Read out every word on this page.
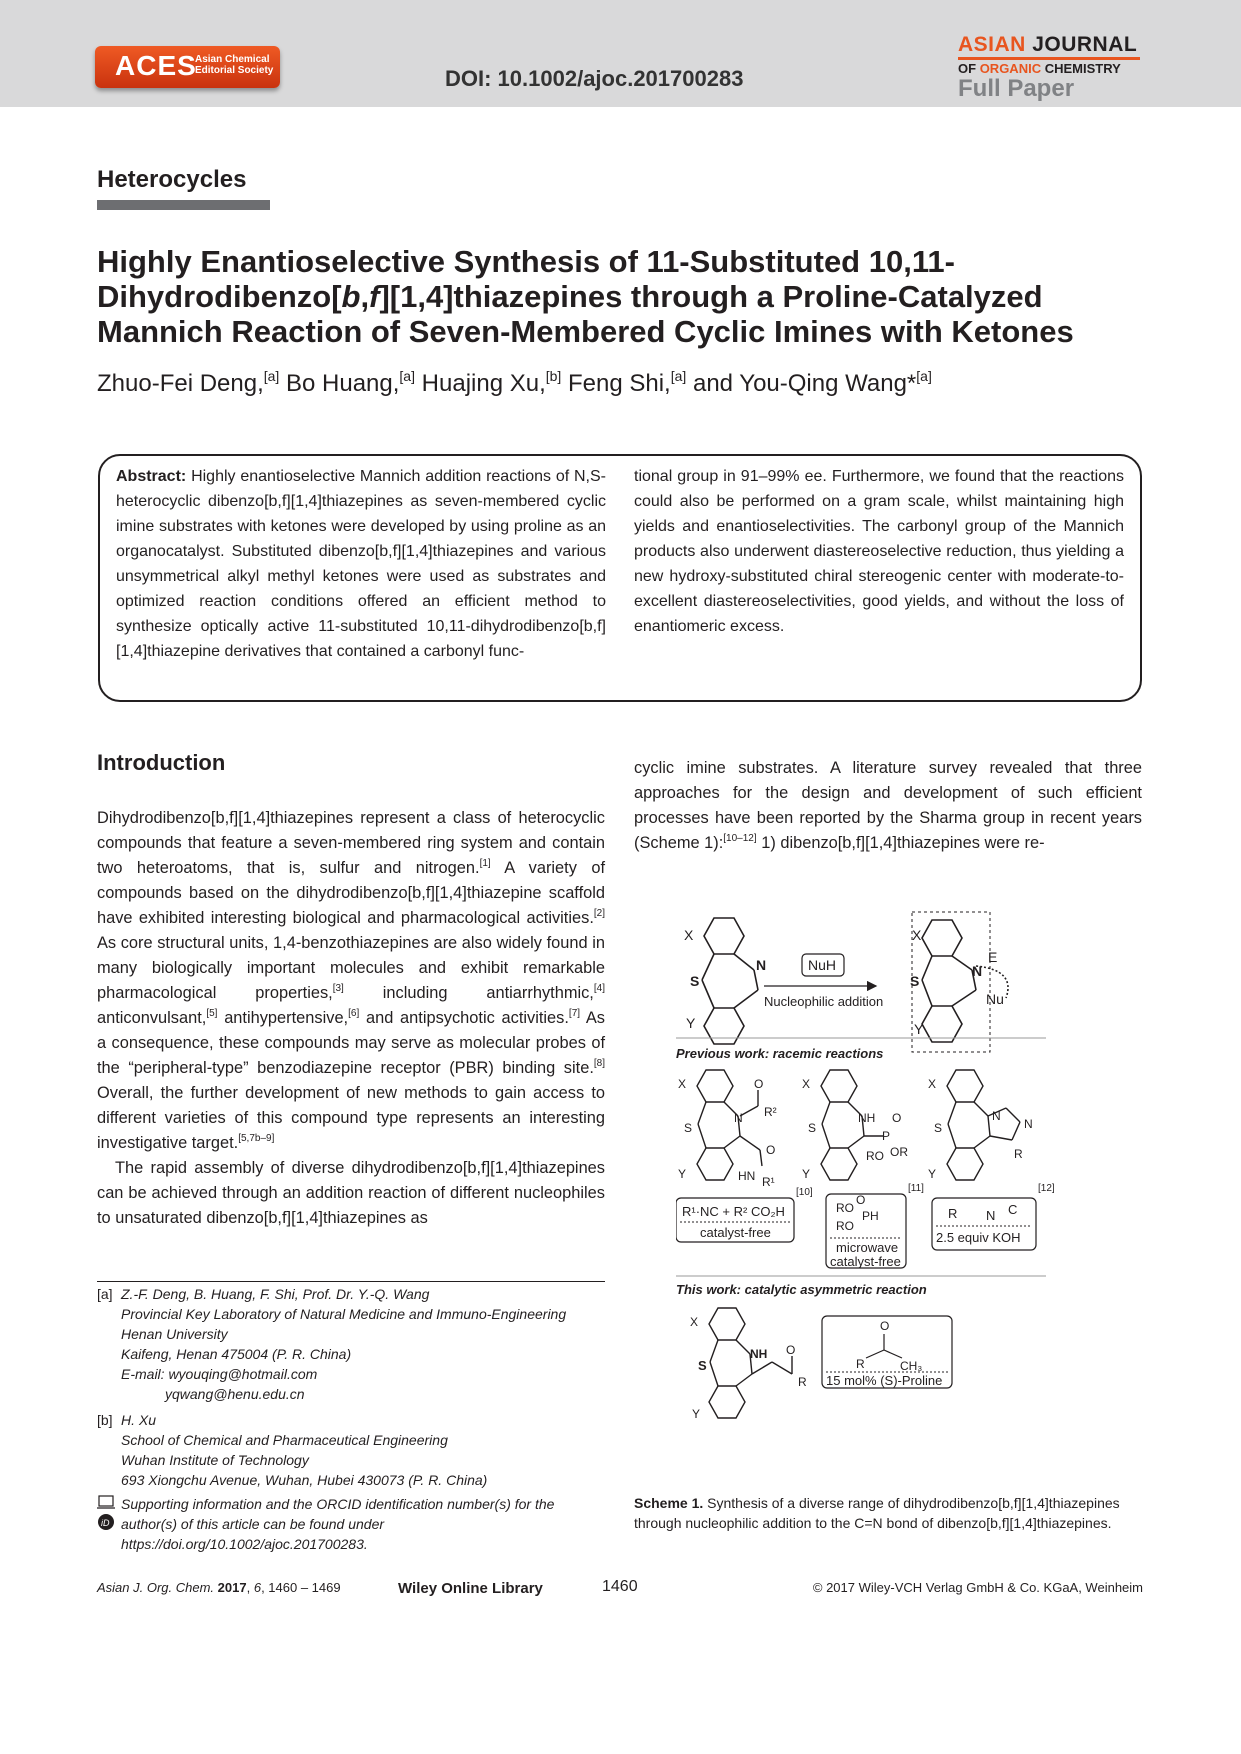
ACES
Asian Chemical
Editorial Society	DOI: 10.1002/ajoc.201700283
ASIAN JOURNAL
OF ORGANIC CHEMISTRY
Full Paper
Heterocycles
Highly Enantioselective Synthesis of 11-Substituted 10,11-
Dihydrodibenzo[b,f][1,4]thiazepines through a Proline-Catalyzed
Mannich Reaction of Seven-Membered Cyclic Imines with Ketones
Zhuo-Fei Deng,[a] Bo Huang,[a] Huajing Xu,[b] Feng Shi,[a] and You-Qing Wang*[a]
Abstract: Highly enantioselective Mannich addition reactions of N,S-heterocyclic dibenzo[b,f][1,4]thiazepines as seven-membered cyclic imine substrates with ketones were developed by using proline as an organocatalyst. Substituted dibenzo[b,f][1,4]thiazepines and various unsymmetrical alkyl methyl ketones were used as substrates and optimized reaction conditions offered an efficient method to synthesize optically active 11-substituted 10,11-dihydrodibenzo[b,f][1,4]thiazepine derivatives that contained a carbonyl func-
tional group in 91–99% ee. Furthermore, we found that the reactions could also be performed on a gram scale, whilst maintaining high yields and enantioselectivities. The carbonyl group of the Mannich products also underwent diastereoselective reduction, thus yielding a new hydroxy-substituted chiral stereogenic center with moderate-to-excellent diastereoselectivities, good yields, and without the loss of enantiomeric excess.
Introduction

Dihydrodibenzo[b,f][1,4]thiazepines represent a class of heterocyclic compounds that feature a seven-membered ring system and contain two heteroatoms, that is, sulfur and nitrogen.[1] A variety of compounds based on the dihydrodibenzo[b,f][1,4]thiazepine scaffold have exhibited interesting biological and pharmacological activities.[2] As core structural units, 1,4-benzothiazepines are also widely found in many biologically important molecules and exhibit remarkable pharmacological properties,[3] including antiarrhythmic,[4] anticonvulsant,[5] antihypertensive,[6] and antipsychotic activities.[7] As a consequence, these compounds may serve as molecular probes of the “peripheral-type” benzodiazepine receptor (PBR) binding site.[8] Overall, the further development of new methods to gain access to different varieties of this compound type represents an interesting investigative target.[5,7b–9]

The rapid assembly of diverse dihydrodibenzo[b,f][1,4]thiazepines can be achieved through an addition reaction of different nucleophiles to unsaturated dibenzo[b,f][1,4]thiazepines as

cyclic imine substrates. A literature survey revealed that three approaches for the design and development of such efficient processes have been reported by the Sharma group in recent years (Scheme 1):[10–12] 1) dibenzo[b,f][1,4]thiazepines were re-

X
S
N
Y
NuH
Nucleophilic addition
X
S
N
E
Nu
Y
Previous work: racemic reactions
X
S
N
O
R²
O
HN R¹
Y
X
S
NH
P
O
OR
RO
Y
X
S
N
N
R
Y
R¹·NC + R² CO₂H
catalyst-free
[10]
RO
O
PH
RO
microwave
catalyst-free
[11]
R N C
2.5 equiv KOH
[12]
This work: catalytic asymmetric reaction
X
S
NH O
R
Y
O
R	CH₃
15 mol% (S)-Proline
Scheme 1. Synthesis of a diverse range of dihydrodibenzo[b,f][1,4]thiazepines through nucleophilic addition to the C=N bond of dibenzo[b,f][1,4]thiazepines.
[a] Z.-F. Deng, B. Huang, F. Shi, Prof. Dr. Y.-Q. Wang
Provincial Key Laboratory of Natural Medicine and Immuno-Engineering
Henan University
Kaifeng, Henan 475004 (P. R. China)
E-mail: wyouqing@hotmail.com
yqwang@henu.edu.cn
[b] H. Xu
School of Chemical and Pharmaceutical Engineering
Wuhan Institute of Technology
693 Xiongchu Avenue, Wuhan, Hubei 430073 (P. R. China)
iD
Supporting information and the ORCID identification number(s) for the author(s) of this article can be found under https://doi.org/10.1002/ajoc.201700283.
Asian J. Org. Chem. 2017, 6, 1460 – 1469	Wiley Online Library	1460	© 2017 Wiley-VCH Verlag GmbH & Co. KGaA, Weinheim
